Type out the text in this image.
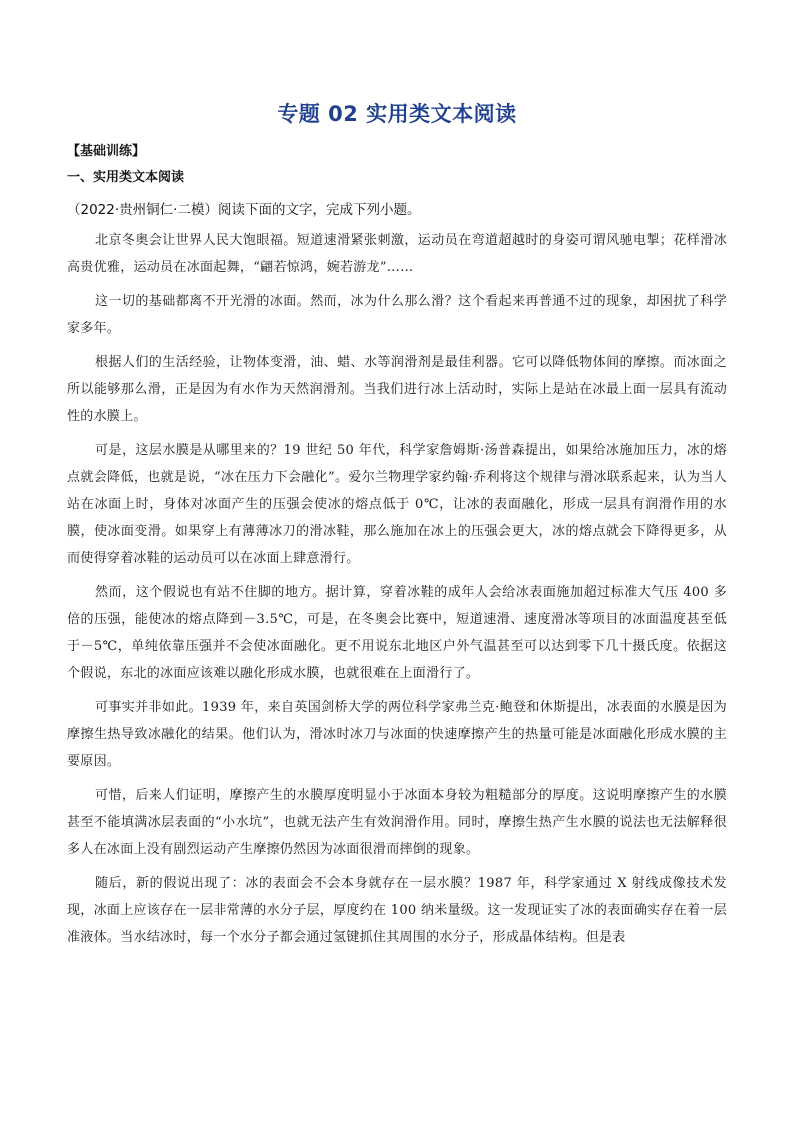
专题 02 实用类文本阅读
【基础训练】
一、实用类文本阅读
（2022·贵州铜仁·二模）阅读下面的文字，完成下列小题。

北京冬奥会让世界人民大饱眼福。短道速滑紧张刺激，运动员在弯道超越时的身姿可谓风驰电掣；花样滑冰高贵优雅，运动员在冰面起舞，“翩若惊鸿，婉若游龙”……

这一切的基础都离不开光滑的冰面。然而，冰为什么那么滑？这个看起来再普通不过的现象，却困扰了科学家多年。

根据人们的生活经验，让物体变滑，油、蜡、水等润滑剂是最佳利器。它可以降低物体间的摩擦。而冰面之所以能够那么滑，正是因为有水作为天然润滑剂。当我们进行冰上活动时，实际上是站在冰最上面一层具有流动性的水膜上。

可是，这层水膜是从哪里来的？19 世纪 50 年代，科学家詹姆斯·汤普森提出，如果给冰施加压力，冰的熔点就会降低，也就是说，“冰在压力下会融化”。爱尔兰物理学家约翰·乔利将这个规律与滑冰联系起来，认为当人站在冰面上时，身体对冰面产生的压强会使冰的熔点低于 0℃，让冰的表面融化，形成一层具有润滑作用的水膜，使冰面变滑。如果穿上有薄薄冰刀的滑冰鞋，那么施加在冰上的压强会更大，冰的熔点就会下降得更多，从而使得穿着冰鞋的运动员可以在冰面上肆意滑行。

然而，这个假说也有站不住脚的地方。据计算，穿着冰鞋的成年人会给冰表面施加超过标准大气压 400 多倍的压强，能使冰的熔点降到－3.5℃，可是，在冬奥会比赛中，短道速滑、速度滑冰等项目的冰面温度甚至低于－5℃，单纯依靠压强并不会使冰面融化。更不用说东北地区户外气温甚至可以达到零下几十摄氏度。依据这个假说，东北的冰面应该难以融化形成水膜，也就很难在上面滑行了。

可事实并非如此。1939 年，来自英国剑桥大学的两位科学家弗兰克·鲍登和休斯提出，冰表面的水膜是因为摩擦生热导致冰融化的结果。他们认为，滑冰时冰刀与冰面的快速摩擦产生的热量可能是冰面融化形成水膜的主要原因。

可惜，后来人们证明，摩擦产生的水膜厚度明显小于冰面本身较为粗糙部分的厚度。这说明摩擦产生的水膜甚至不能填满冰层表面的“小水坑”，也就无法产生有效润滑作用。同时，摩擦生热产生水膜的说法也无法解释很多人在冰面上没有剧烈运动产生摩擦仍然因为冰面很滑而摔倒的现象。

随后，新的假说出现了：冰的表面会不会本身就存在一层水膜？1987 年，科学家通过 X 射线成像技术发现，冰面上应该存在一层非常薄的水分子层，厚度约在 100 纳米量级。这一发现证实了冰的表面确实存在着一层准液体。当水结冰时，每一个水分子都会通过氢键抓住其周围的水分子，形成晶体结构。但是表
